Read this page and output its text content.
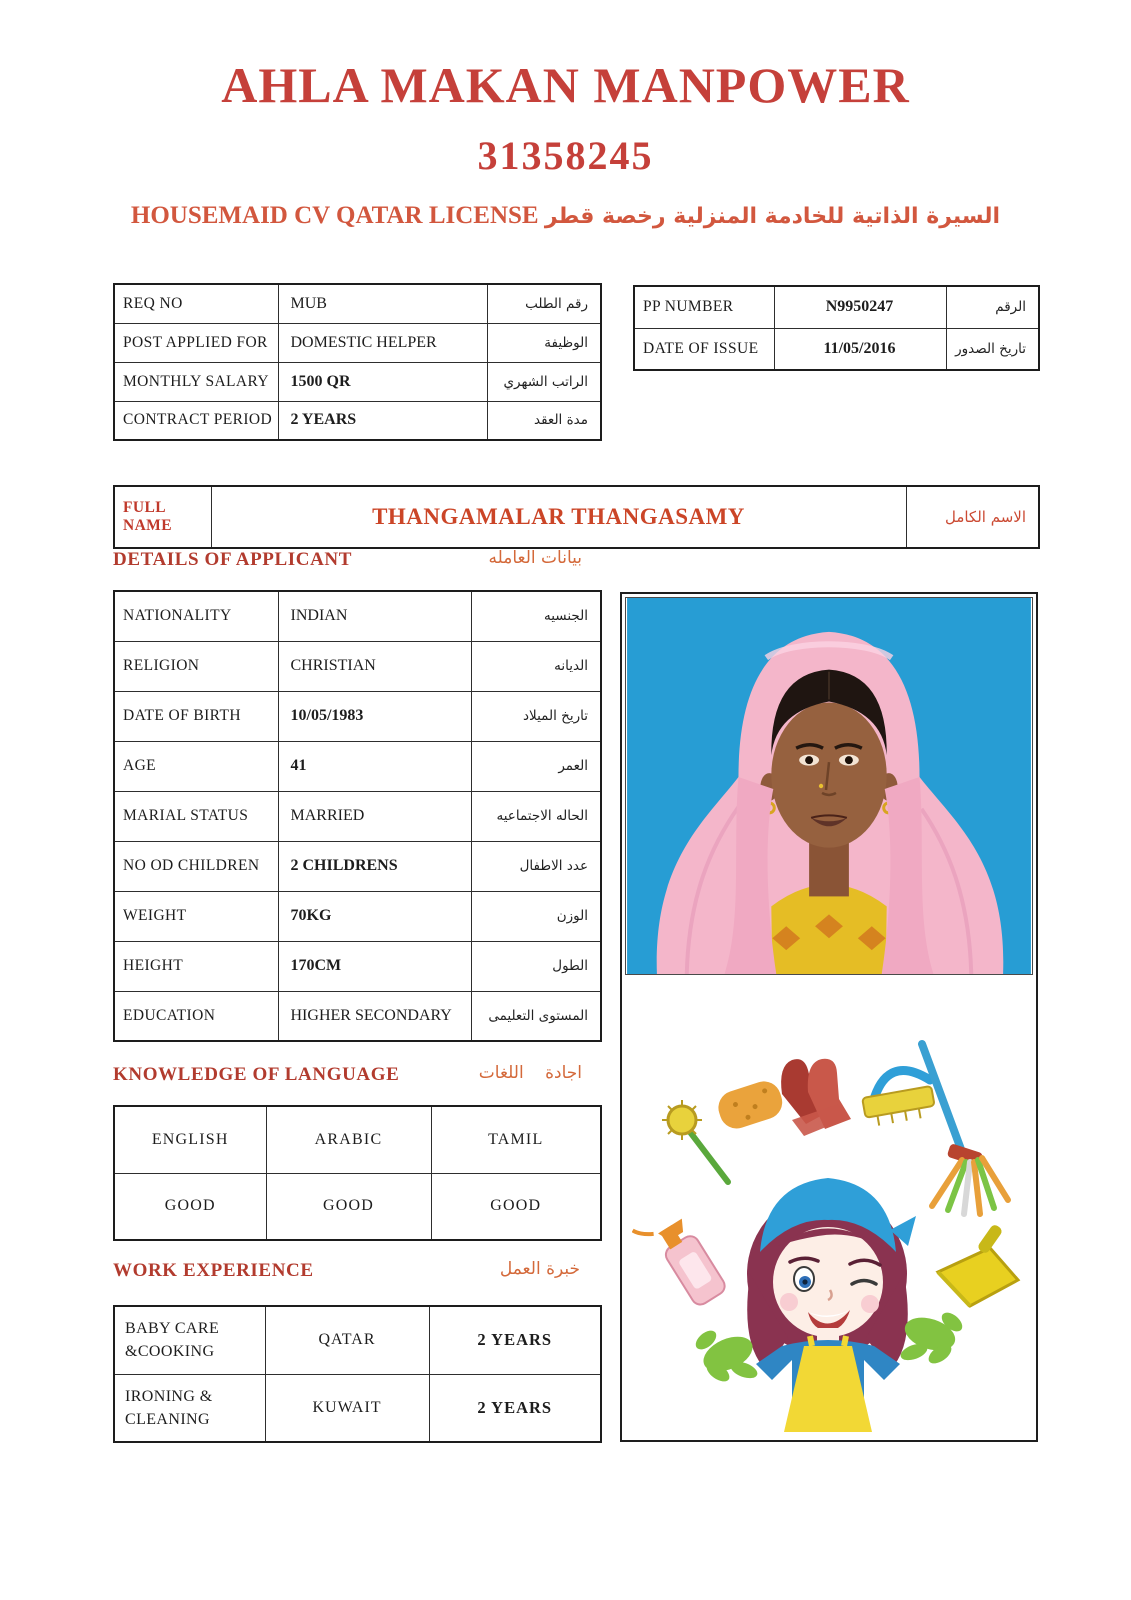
AHLA MAKAN MANPOWER
31358245
HOUSEMAID CV QATAR LICENSE السيرة الذاتية للخادمة المنزلية رخصة قطر
REQ NO	MUB	رقم الطلب
POST APPLIED FOR	DOMESTIC HELPER	الوظيفة
MONTHLY SALARY	1500 QR	الراتب الشهري
CONTRACT PERIOD	2 YEARS	مدة العقد
PP NUMBER	N9950247	الرقم
DATE OF ISSUE	11/05/2016	تاريخ الصدور
FULL NAME	THANGAMALAR THANGASAMY	الاسم الكامل
DETAILS OF APPLICANT	بيانات العامله
NATIONALITY	INDIAN	الجنسيه
RELIGION	CHRISTIAN	الديانه
DATE OF BIRTH	10/05/1983	تاريخ الميلاد
AGE	41	العمر
MARIAL STATUS	MARRIED	الحاله الاجتماعيه
NO OD CHILDREN	2 CHILDRENS	عدد الاطفال
WEIGHT	70KG	الوزن
HEIGHT	170CM	الطول
EDUCATION	HIGHER SECONDARY	المستوى التعليمى
KNOWLEDGE OF LANGUAGE	اجادة اللغات
ENGLISH	ARABIC	TAMIL
GOOD	GOOD	GOOD
WORK EXPERIENCE	خبرة العمل
BABY CARE
&COOKING	QATAR	2 YEARS

IRONING &
CLEANING	KUWAIT	2 YEARS
